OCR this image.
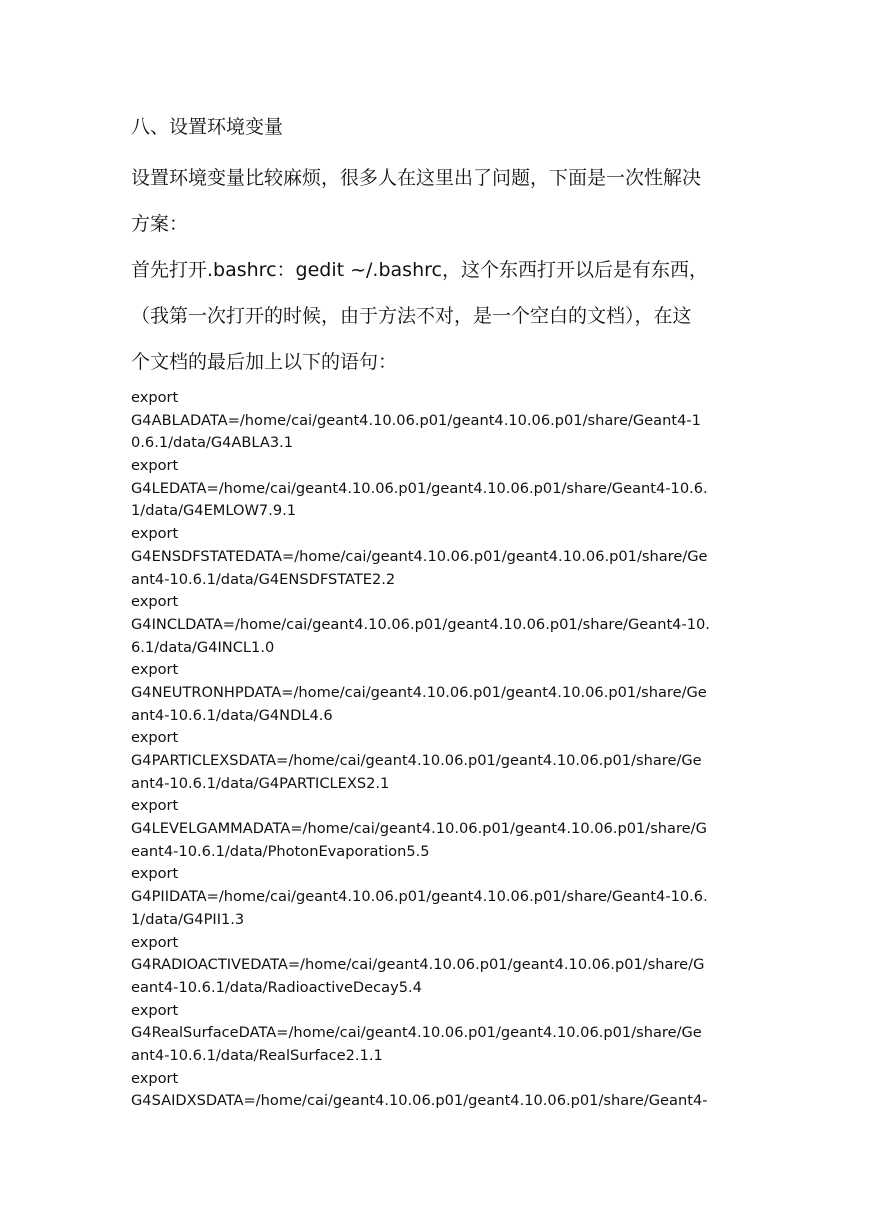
八、设置环境变量
设置环境变量比较麻烦，很多人在这里出了问题，下面是一次性解决
方案：
首先打开.bashrc：gedit ~/.bashrc，这个东西打开以后是有东西，
（我第一次打开的时候，由于方法不对，是一个空白的文档），在这
个文档的最后加上以下的语句：
export
G4ABLADATA=/home/cai/geant4.10.06.p01/geant4.10.06.p01/share/Geant4-1
0.6.1/data/G4ABLA3.1
export
G4LEDATA=/home/cai/geant4.10.06.p01/geant4.10.06.p01/share/Geant4-10.6.
1/data/G4EMLOW7.9.1
export
G4ENSDFSTATEDATA=/home/cai/geant4.10.06.p01/geant4.10.06.p01/share/Ge
ant4-10.6.1/data/G4ENSDFSTATE2.2
export
G4INCLDATA=/home/cai/geant4.10.06.p01/geant4.10.06.p01/share/Geant4-10.
6.1/data/G4INCL1.0
export
G4NEUTRONHPDATA=/home/cai/geant4.10.06.p01/geant4.10.06.p01/share/Ge
ant4-10.6.1/data/G4NDL4.6
export
G4PARTICLEXSDATA=/home/cai/geant4.10.06.p01/geant4.10.06.p01/share/Ge
ant4-10.6.1/data/G4PARTICLEXS2.1
export
G4LEVELGAMMADATA=/home/cai/geant4.10.06.p01/geant4.10.06.p01/share/G
eant4-10.6.1/data/PhotonEvaporation5.5
export
G4PIIDATA=/home/cai/geant4.10.06.p01/geant4.10.06.p01/share/Geant4-10.6.
1/data/G4PII1.3
export
G4RADIOACTIVEDATA=/home/cai/geant4.10.06.p01/geant4.10.06.p01/share/G
eant4-10.6.1/data/RadioactiveDecay5.4
export
G4RealSurfaceDATA=/home/cai/geant4.10.06.p01/geant4.10.06.p01/share/Ge
ant4-10.6.1/data/RealSurface2.1.1
export
G4SAIDXSDATA=/home/cai/geant4.10.06.p01/geant4.10.06.p01/share/Geant4-
